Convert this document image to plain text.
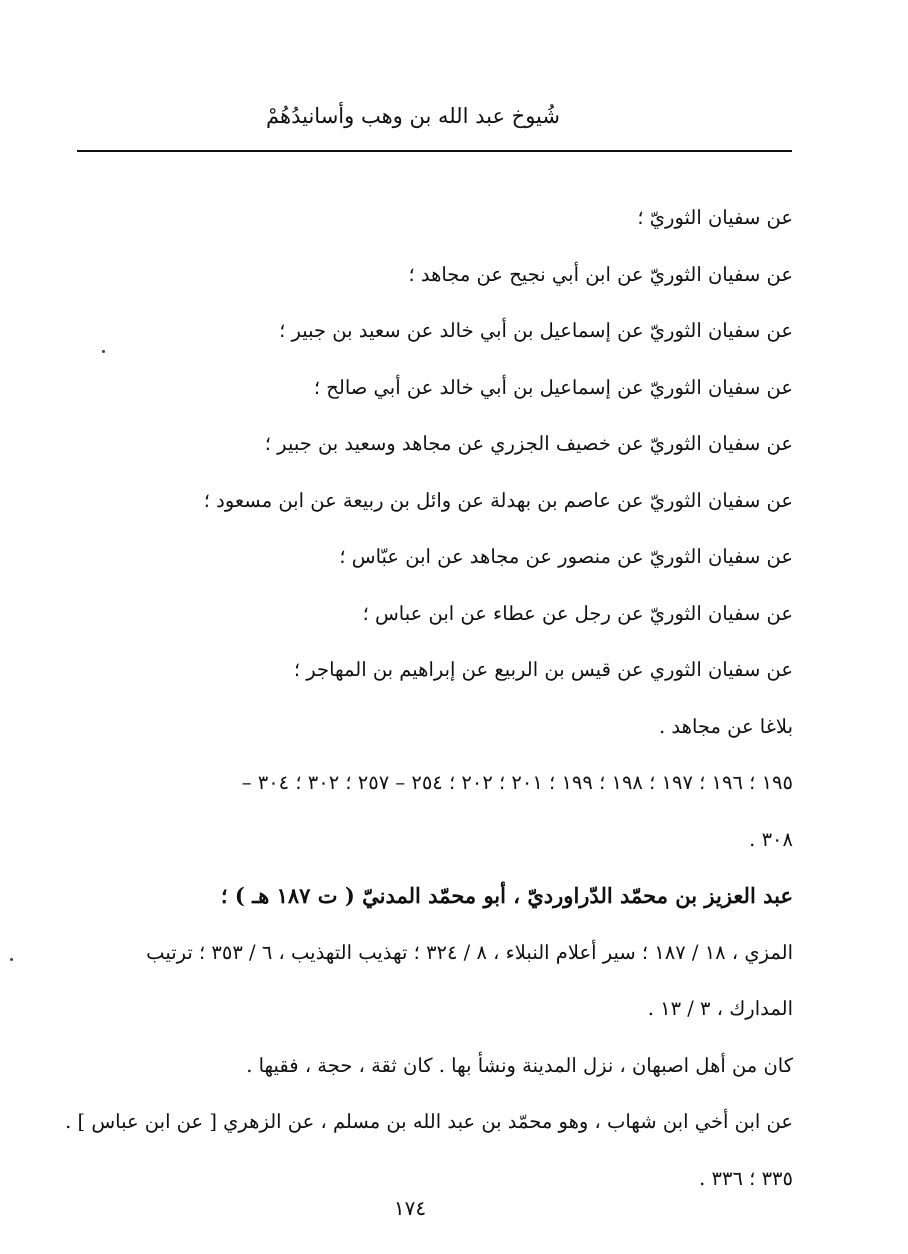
شُيوخ عبد الله بن وهب وأسانيدُهُمْ

عن سفيان الثوريّ ؛

عن سفيان الثوريّ عن ابن أبي نجيح عن مجاهد ؛

عن سفيان الثوريّ عن إسماعيل بن أبي خالد عن سعيد بن جبير ؛

عن سفيان الثوريّ عن إسماعيل بن أبي خالد عن أبي صالح ؛

عن سفيان الثوريّ عن خصيف الجزري عن مجاهد وسعيد بن جبير ؛

عن سفيان الثوريّ عن عاصم بن بهدلة عن وائل بن ربيعة عن ابن مسعود ؛

عن سفيان الثوريّ عن منصور عن مجاهد عن ابن عبّاس ؛

عن سفيان الثوريّ عن رجل عن عطاء عن ابن عباس ؛

عن سفيان الثوري عن قيس بن الربيع عن إبراهيم بن المهاجر ؛

بلاغا عن مجاهد .

١٩٥ ؛ ١٩٦ ؛ ١٩٧ ؛ ١٩٨ ؛ ١٩٩ ؛ ٢٠١ ؛ ٢٠٢ ؛ ٢٥٤ – ٢٥٧ ؛ ٣٠٢ ؛ ٣٠٤ –

٣٠٨ .

عبد العزيز بن محمّد الدّراورديّ ، أبو محمّد المدنيّ ( ت ١٨٧ هـ ) ؛

المزي ، ١٨ / ١٨٧ ؛ سير أعلام النبلاء ، ٨ / ٣٢٤ ؛ تهذيب التهذيب ، ٦ / ٣٥٣ ؛ ترتيب

المدارك ، ٣ / ١٣ .

كان من أهل اصبهان ، نزل المدينة ونشأ بها . كان ثقة ، حجة ، فقيها .

عن ابن أخي ابن شهاب ، وهو محمّد بن عبد الله بن مسلم ، عن الزهري [ عن ابن عباس ] .

٣٣٥ ؛ ٣٣٦ .

١٧٤
